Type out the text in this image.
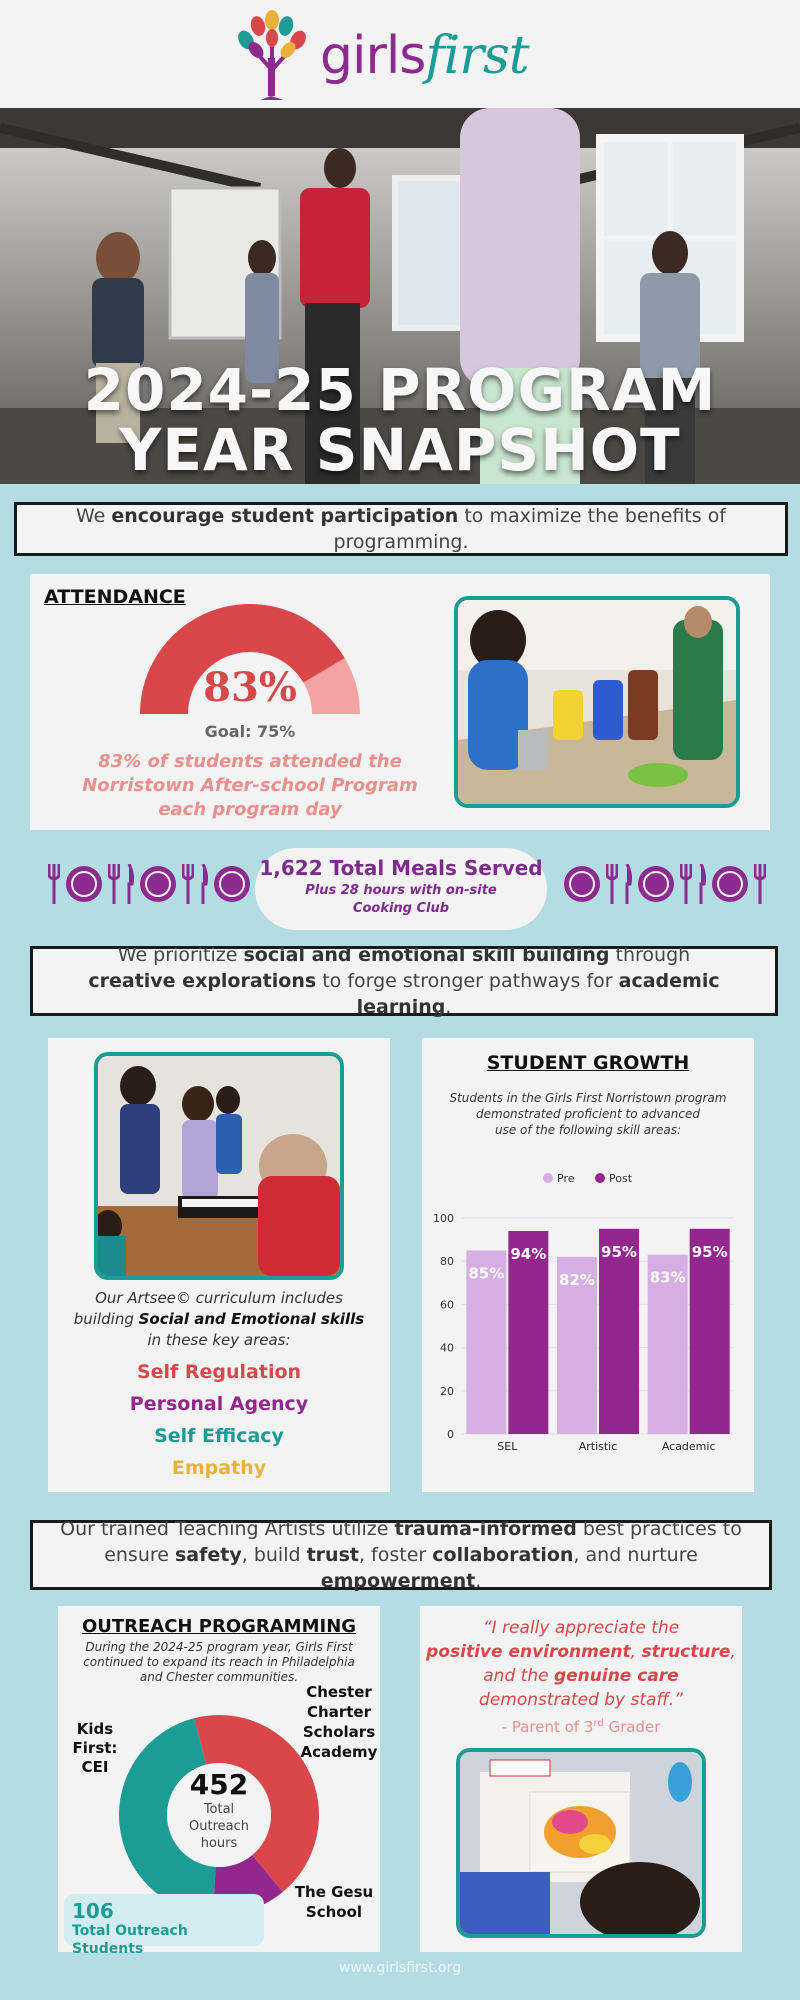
girlsfirst
2024-25 PROGRAM
YEAR SNAPSHOT
We encourage student participation to maximize the benefits of programming.
ATTENDANCE
83%
Goal: 75%
83% of students attended the
Norristown After-school Program
each program day
1,622 Total Meals Served
Plus 28 hours with on-site
Cooking Club
We prioritize social and emotional skill building through
creative explorations to forge stronger pathways for academic learning.
Our Artsee© curriculum includes
building Social and Emotional skills
in these key areas:
Self Regulation
Personal Agency
Self Efficacy
Empathy
STUDENT GROWTH
Students in the Girls First Norristown program
demonstrated proficient to advanced
use of the following skill areas:
Pre	Post
0
20
40
60
80
100
85%
94%
SEL
82%
95%
Artistic
83%
95%
Academic
Our trained Teaching Artists utilize trauma-informed best practices to
ensure safety, build trust, foster collaboration, and nurture empowerment.
OUTREACH PROGRAMMING
During the 2024-25 program year, Girls First
continued to expand its reach in Philadelphia
and Chester communities.
452
Total
Outreach
hours
Kids First:
CEI
Chester
Charter
Scholars
Academy
The Gesu
School
106
Total Outreach Students
“I really appreciate the
positive environment, structure,
and the genuine care
demonstrated by staff.”
- Parent of 3rd Grader
www.girlsfirst.org
